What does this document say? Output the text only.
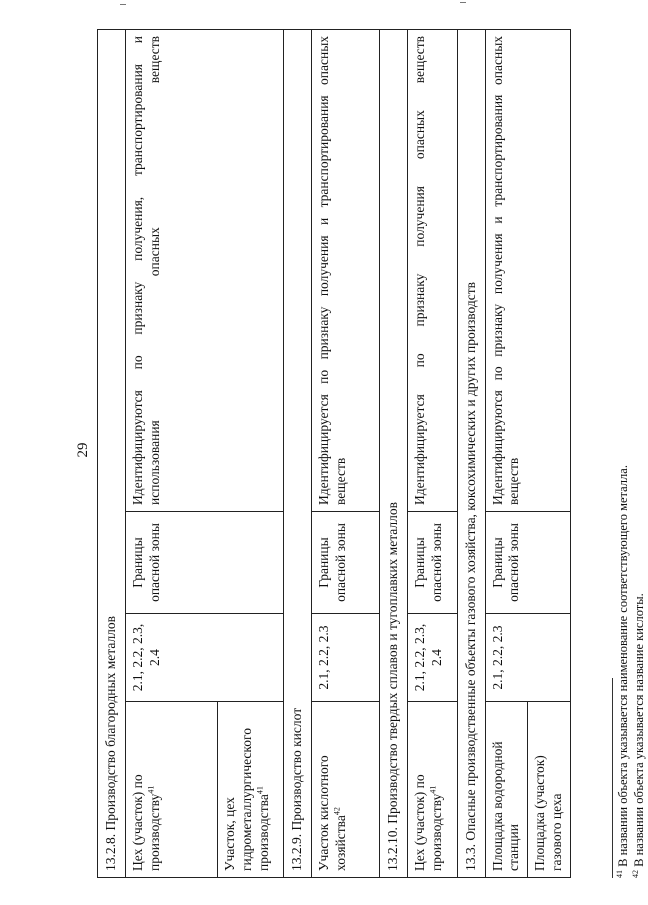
29
13.2.8. Производство благородных металлов			
Цех (участок) по производству$^{41}$	2.1, 2.2, 2.3, 2.4	Границы опасной зоны	Идентифицируются по признаку получения, транспортирования и использования опасных веществ

Участок, цех гидрометаллургического производства$^{41}$
13.2.9. Производство кислот			
Участок кислотного хозяйства$^{42}$	2.1, 2.2, 2.3	Границы опасной зоны	Идентифицируется по признаку получения и транспортирования опасных веществ

13.2.10. Производство твердых сплавов и тугоплавких металлов			
Цех (участок) по производству$^{41}$	2.1, 2.2, 2.3, 2.4	Границы опасной зоны	Идентифицируется по признаку получения опасных веществ

13.3. Опасные производственные объекты газового хозяйства, коксохимических и других производств			
Площадка водородной станции	2.1, 2.2, 2.3	Границы опасной зоны	Идентифицируются по признаку получения и транспортирования опасных веществ

Площадка (участок) газового цеха			
$^{41}$ В названии объекта указывается наименование соответствующего металла.
$^{42}$ В названии объекта указывается название кислоты.
